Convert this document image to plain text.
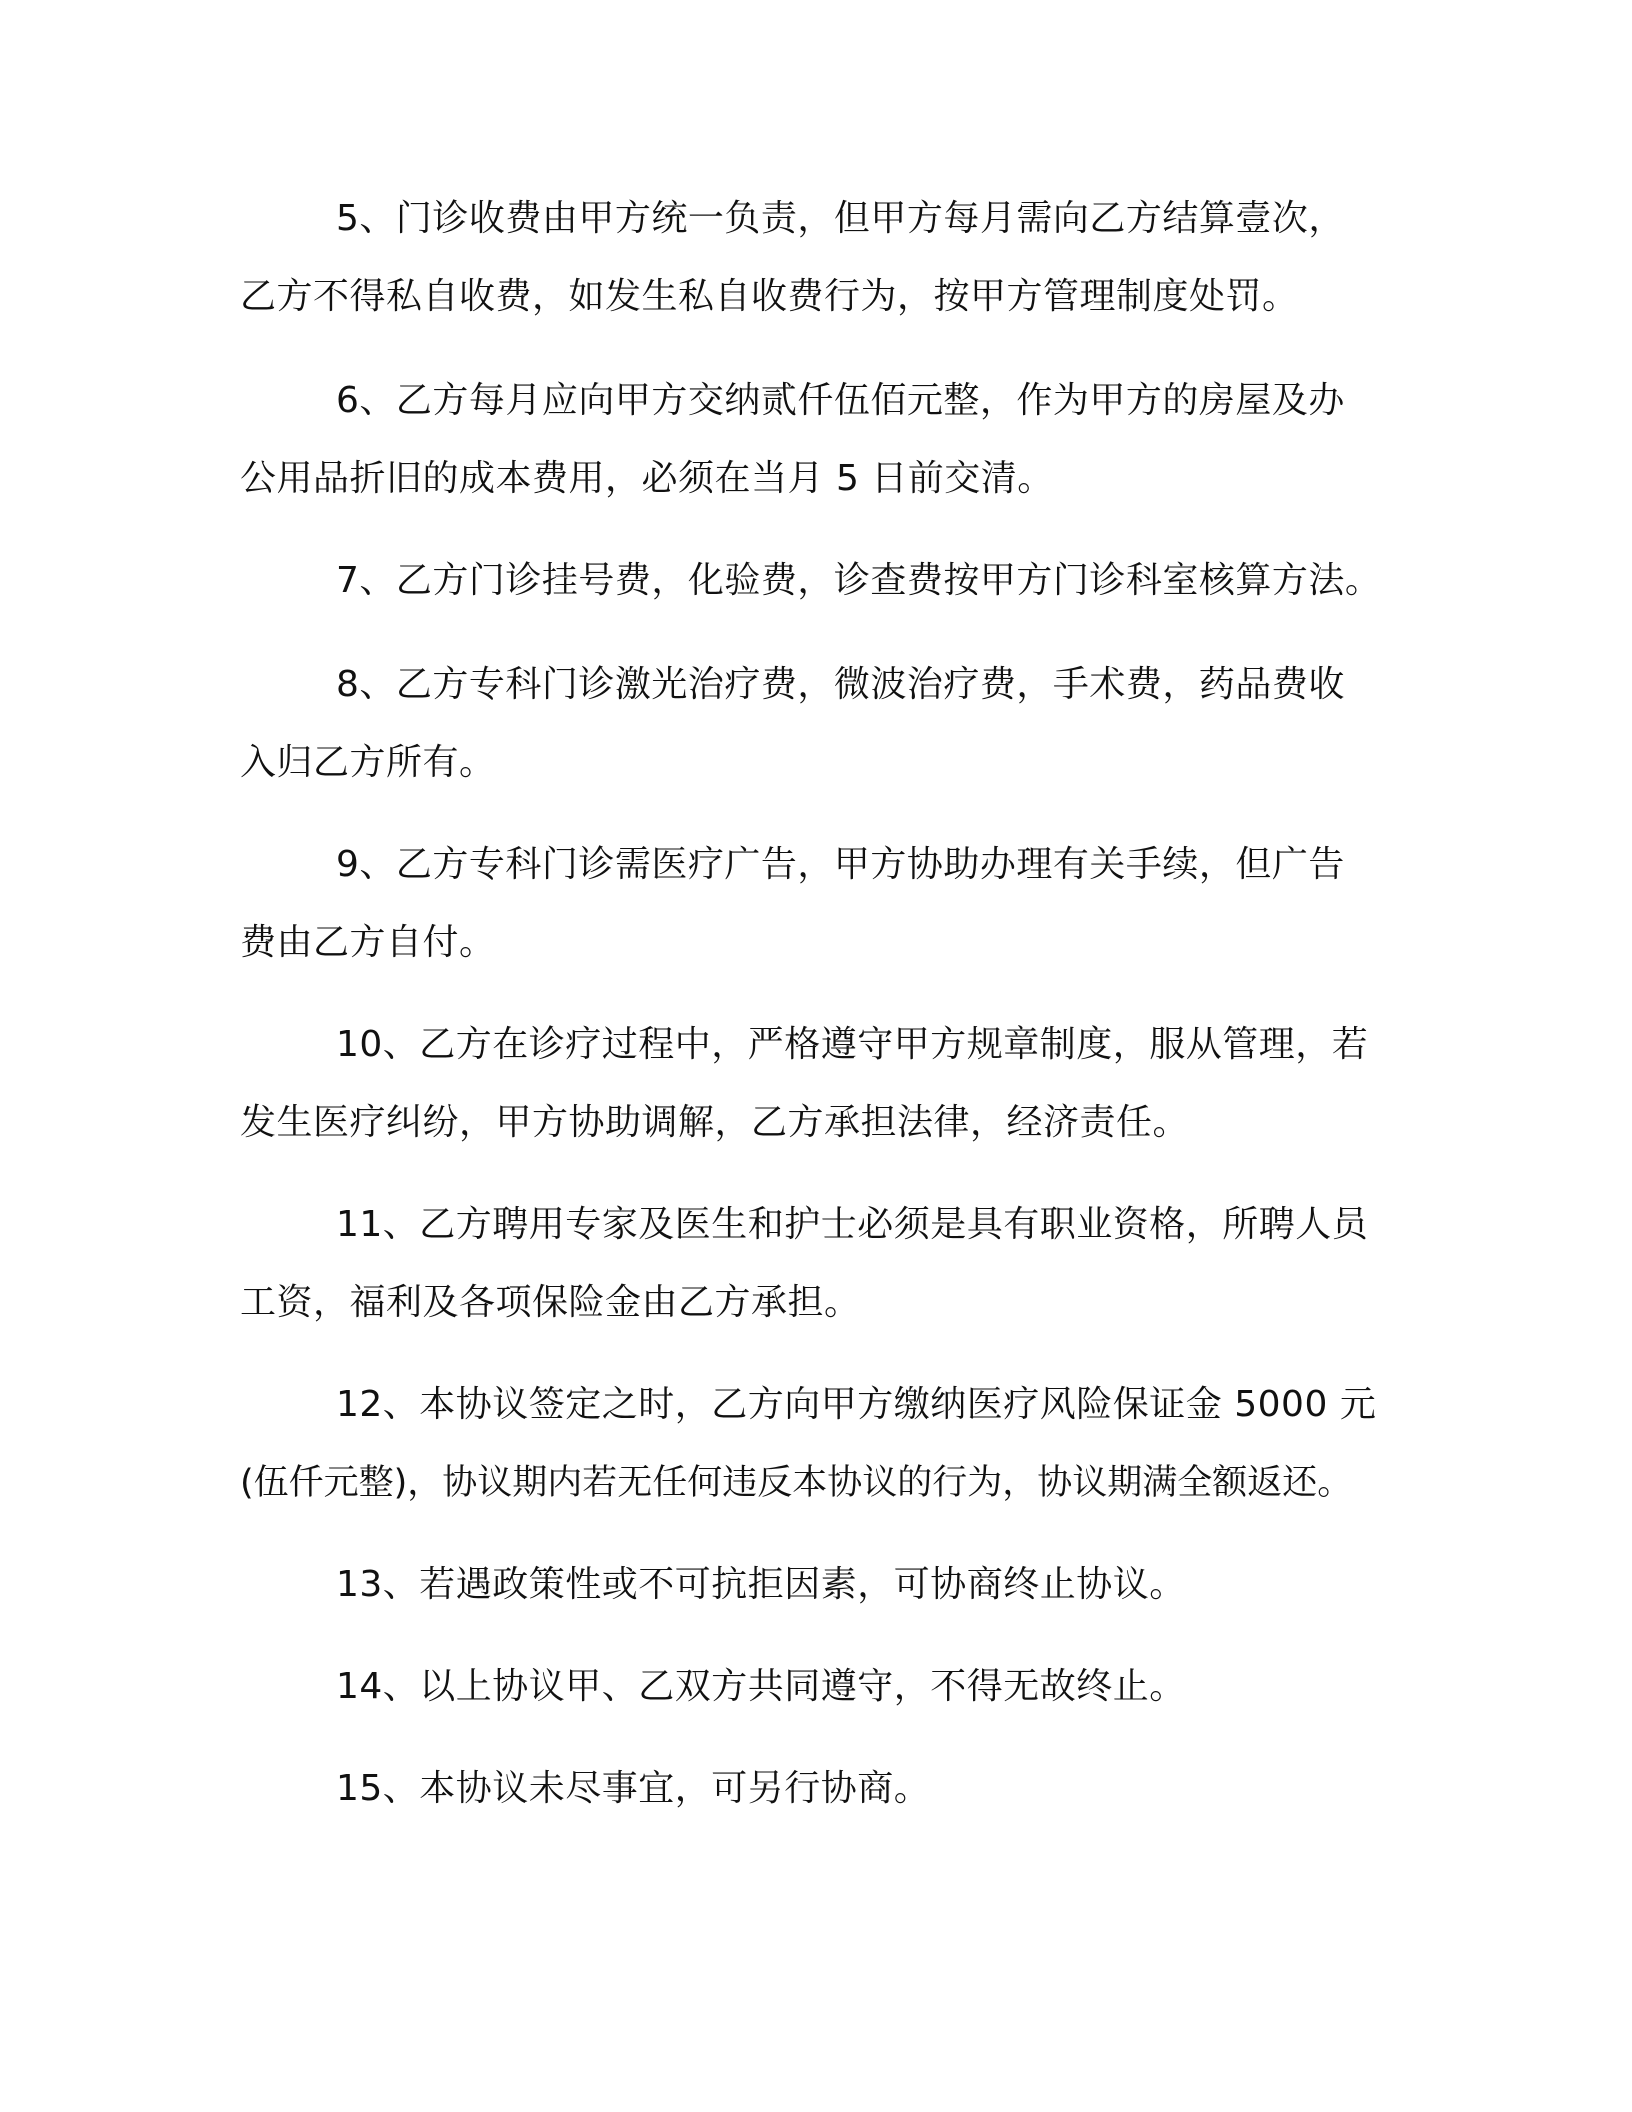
5、门诊收费由甲方统一负责，但甲方每月需向乙方结算壹次，
乙方不得私自收费，如发生私自收费行为，按甲方管理制度处罚。
6、乙方每月应向甲方交纳贰仟伍佰元整，作为甲方的房屋及办
公用品折旧的成本费用，必须在当月 5 日前交清。
7、乙方门诊挂号费，化验费，诊查费按甲方门诊科室核算方法。
8、乙方专科门诊激光治疗费，微波治疗费，手术费，药品费收
入归乙方所有。
9、乙方专科门诊需医疗广告，甲方协助办理有关手续，但广告
费由乙方自付。
10、乙方在诊疗过程中，严格遵守甲方规章制度，服从管理，若
发生医疗纠纷，甲方协助调解，乙方承担法律，经济责任。
11、乙方聘用专家及医生和护士必须是具有职业资格，所聘人员
工资，福利及各项保险金由乙方承担。
12、本协议签定之时，乙方向甲方缴纳医疗风险保证金 5000 元
(伍仟元整)，协议期内若无任何违反本协议的行为，协议期满全额返还。
13、若遇政策性或不可抗拒因素，可协商终止协议。
14、以上协议甲、乙双方共同遵守，不得无故终止。
15、本协议未尽事宜，可另行协商。
